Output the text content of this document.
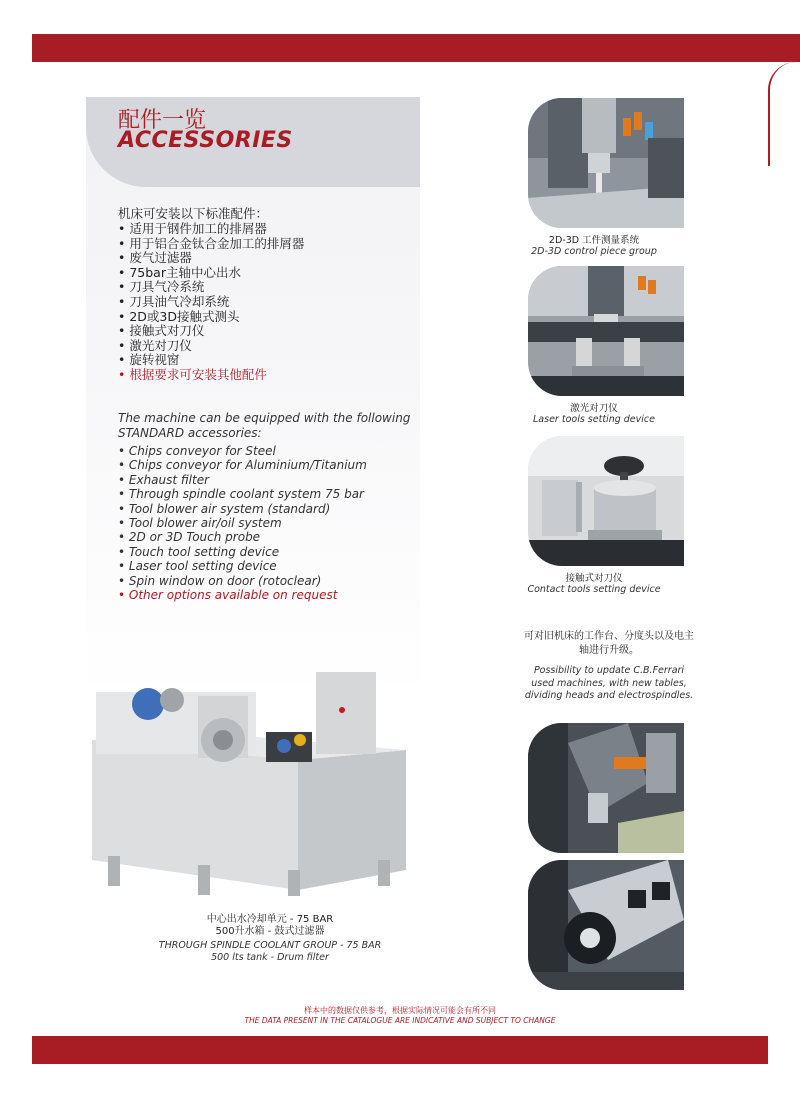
配件一览
ACCESSORIES
机床可安装以下标准配件：
• 适用于钢件加工的排屑器
• 用于铝合金钛合金加工的排屑器
• 废气过滤器
• 75bar主轴中心出水
• 刀具气冷系统
• 刀具油气冷却系统
• 2D或3D接触式测头
• 接触式对刀仪
• 激光对刀仪
• 旋转视窗
• 根据要求可安装其他配件
The machine can be equipped with the following STANDARD accessories:
• Chips conveyor for Steel
• Chips conveyor for Aluminium/Titanium
• Exhaust filter
• Through spindle coolant system 75 bar
• Tool blower air system (standard)
• Tool blower air/oil system
• 2D or 3D Touch probe
• Touch tool setting device
• Laser tool setting device
• Spin window on door (rotoclear)
• Other options available on request
2D-3D 工件测量系统
2D-3D control piece group
激光对刀仪
Laser tools setting device
接触式对刀仪
Contact tools setting device
可对旧机床的工作台、分度头以及电主轴进行升级。
Possibility to update C.B.Ferrari used machines, with new tables, dividing heads and electrospindles.
中心出水冷却单元 - 75 BAR
500升水箱 - 鼓式过滤器
THROUGH SPINDLE COOLANT GROUP - 75 BAR
500 lts tank - Drum filter
样本中的数据仅供参考，根据实际情况可能会有所不同
THE DATA PRESENT IN THE CATALOGUE ARE INDICATIVE AND SUBJECT TO CHANGE
